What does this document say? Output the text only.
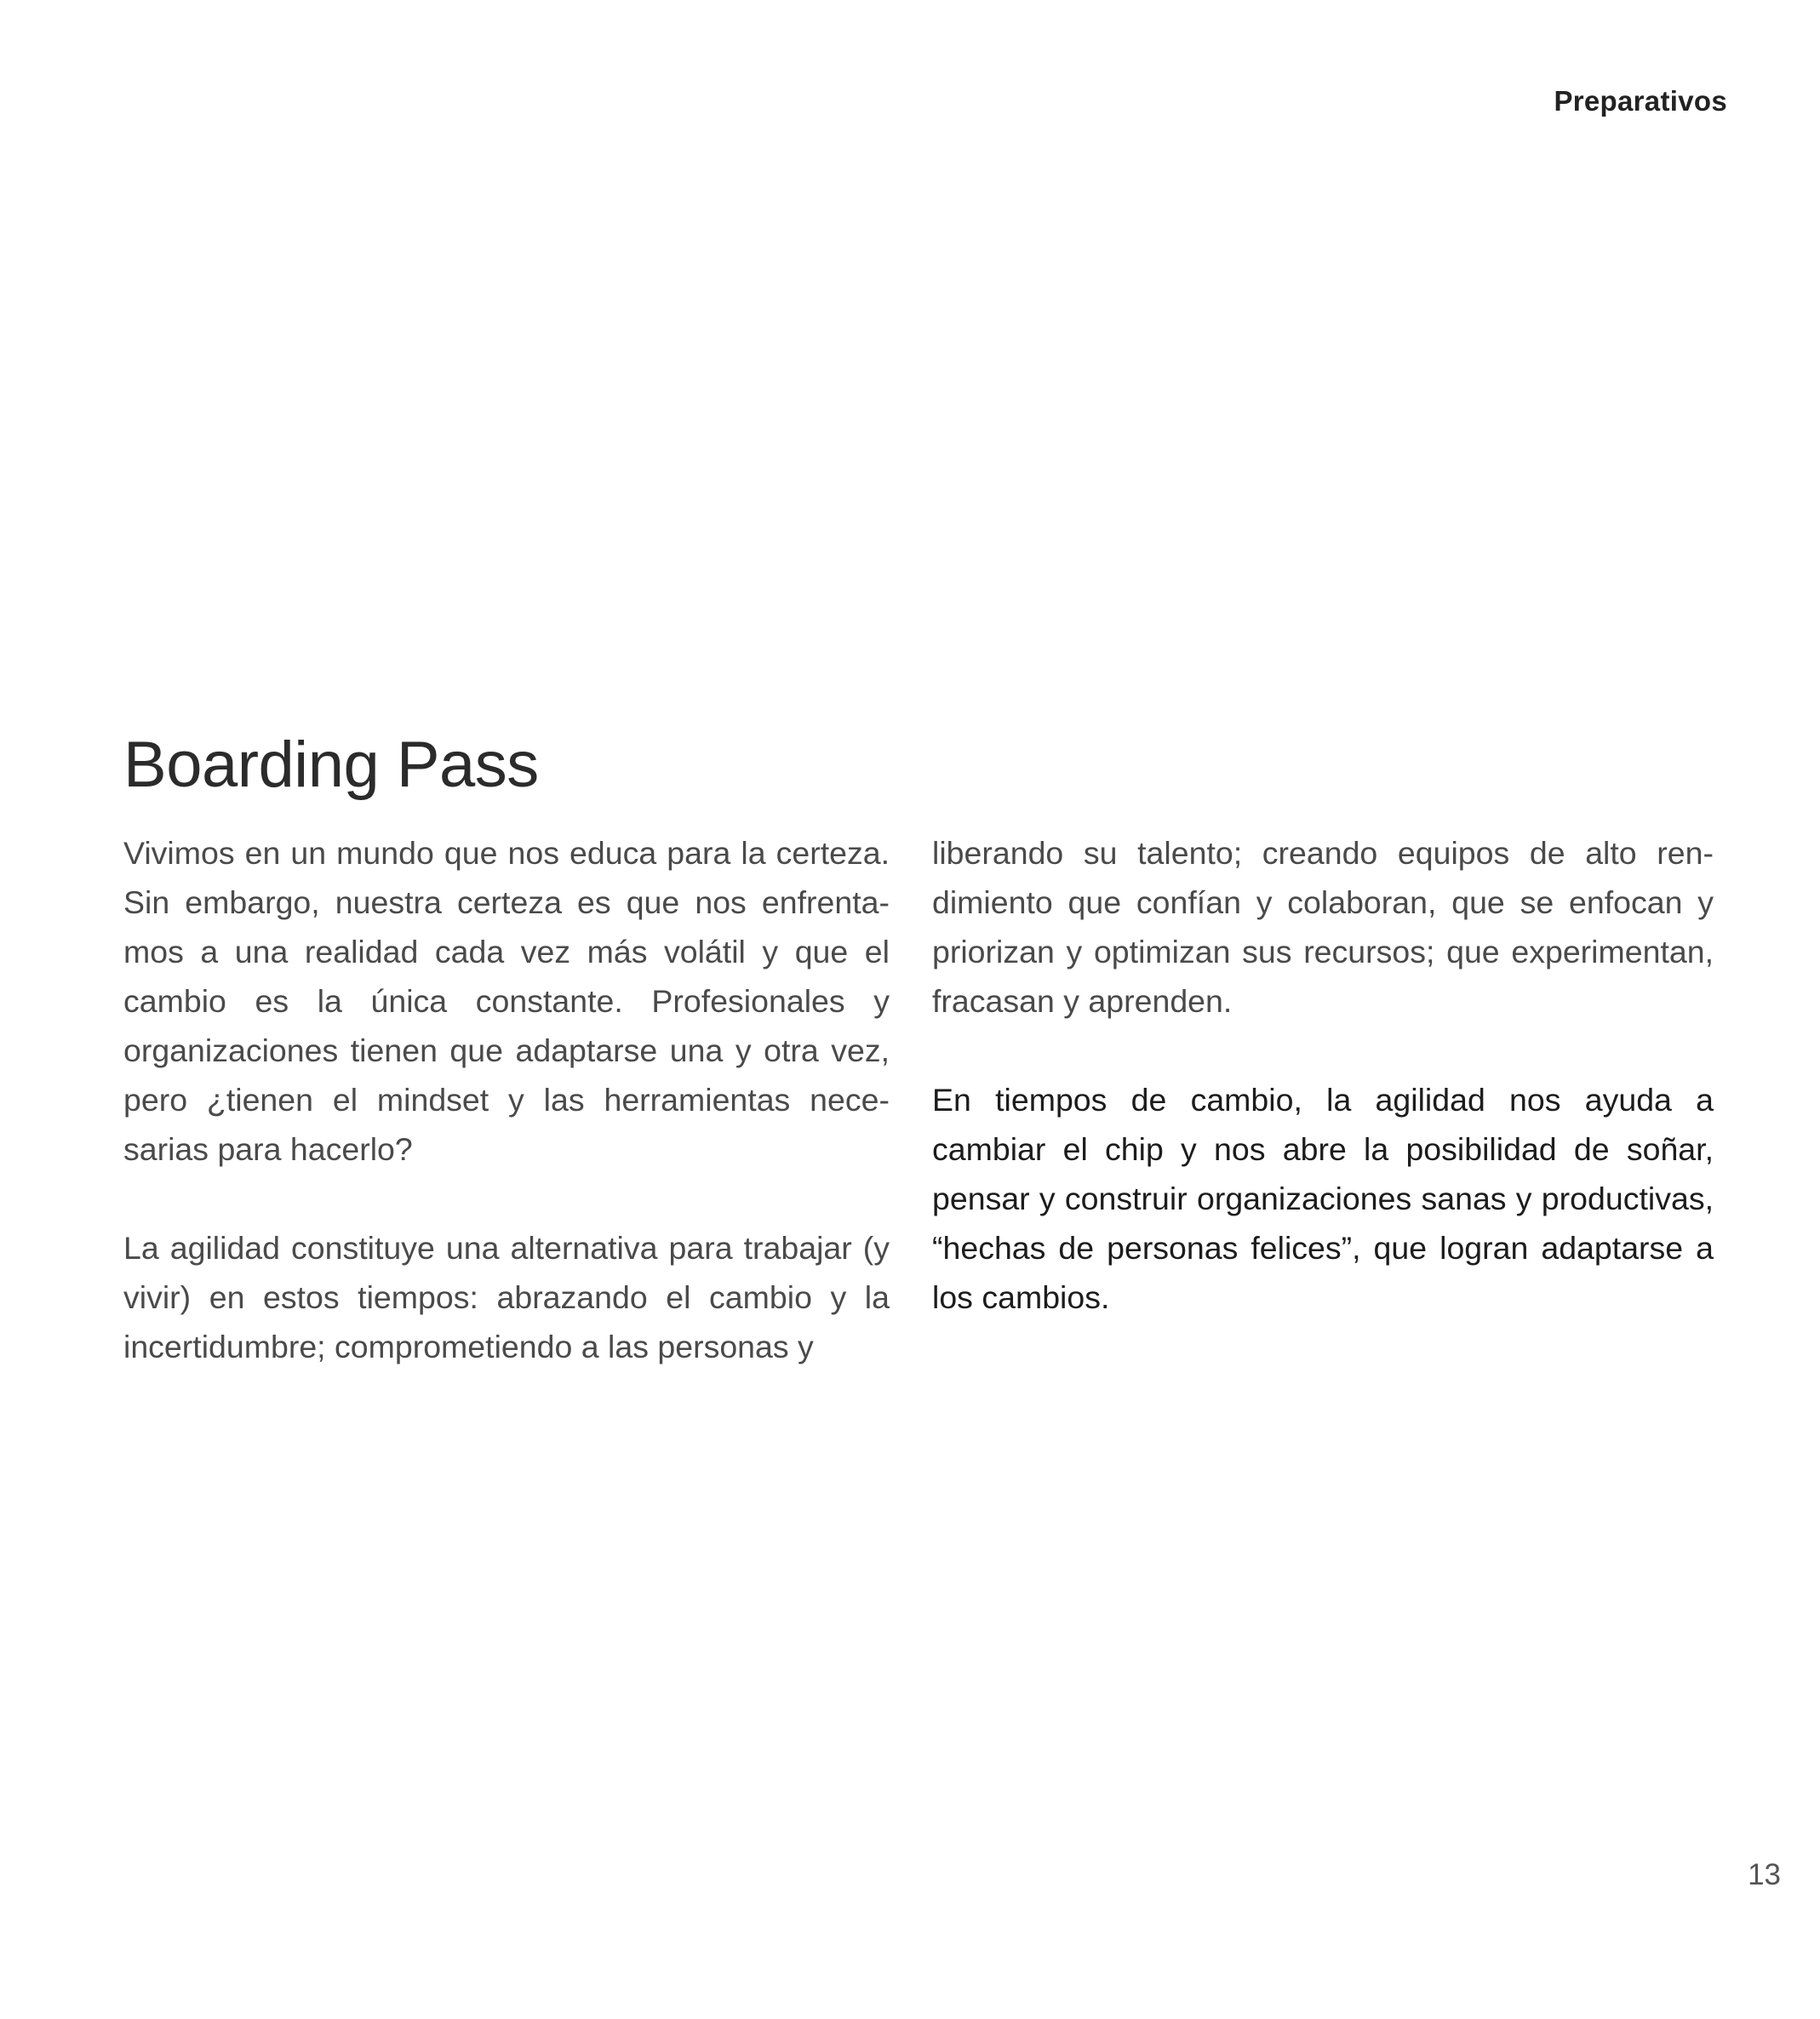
Preparativos
Boarding Pass

Vivimos en un mundo que nos educa para la certeza. Sin embargo, nuestra certeza es que nos enfrentamos a una realidad cada vez más volátil y que el cambio es la única constante. Profesionales y organizaciones tienen que adaptarse una y otra vez, pero ¿tienen el mindset y las herramientas necesarias para hacerlo?

La agilidad constituye una alternativa para trabajar (y vivir) en estos tiempos: abrazando el cambio y la incertidumbre; comprometiendo a las personas y

liberando su talento; creando equipos de alto rendimiento que confían y colaboran, que se enfocan y priorizan y optimizan sus recursos; que experimentan, fracasan y aprenden.

En tiempos de cambio, la agilidad nos ayuda a cambiar el chip y nos abre la posibilidad de soñar, pensar y construir organizaciones sanas y productivas, “hechas de personas felices”, que logran adaptarse a los cambios.

13
